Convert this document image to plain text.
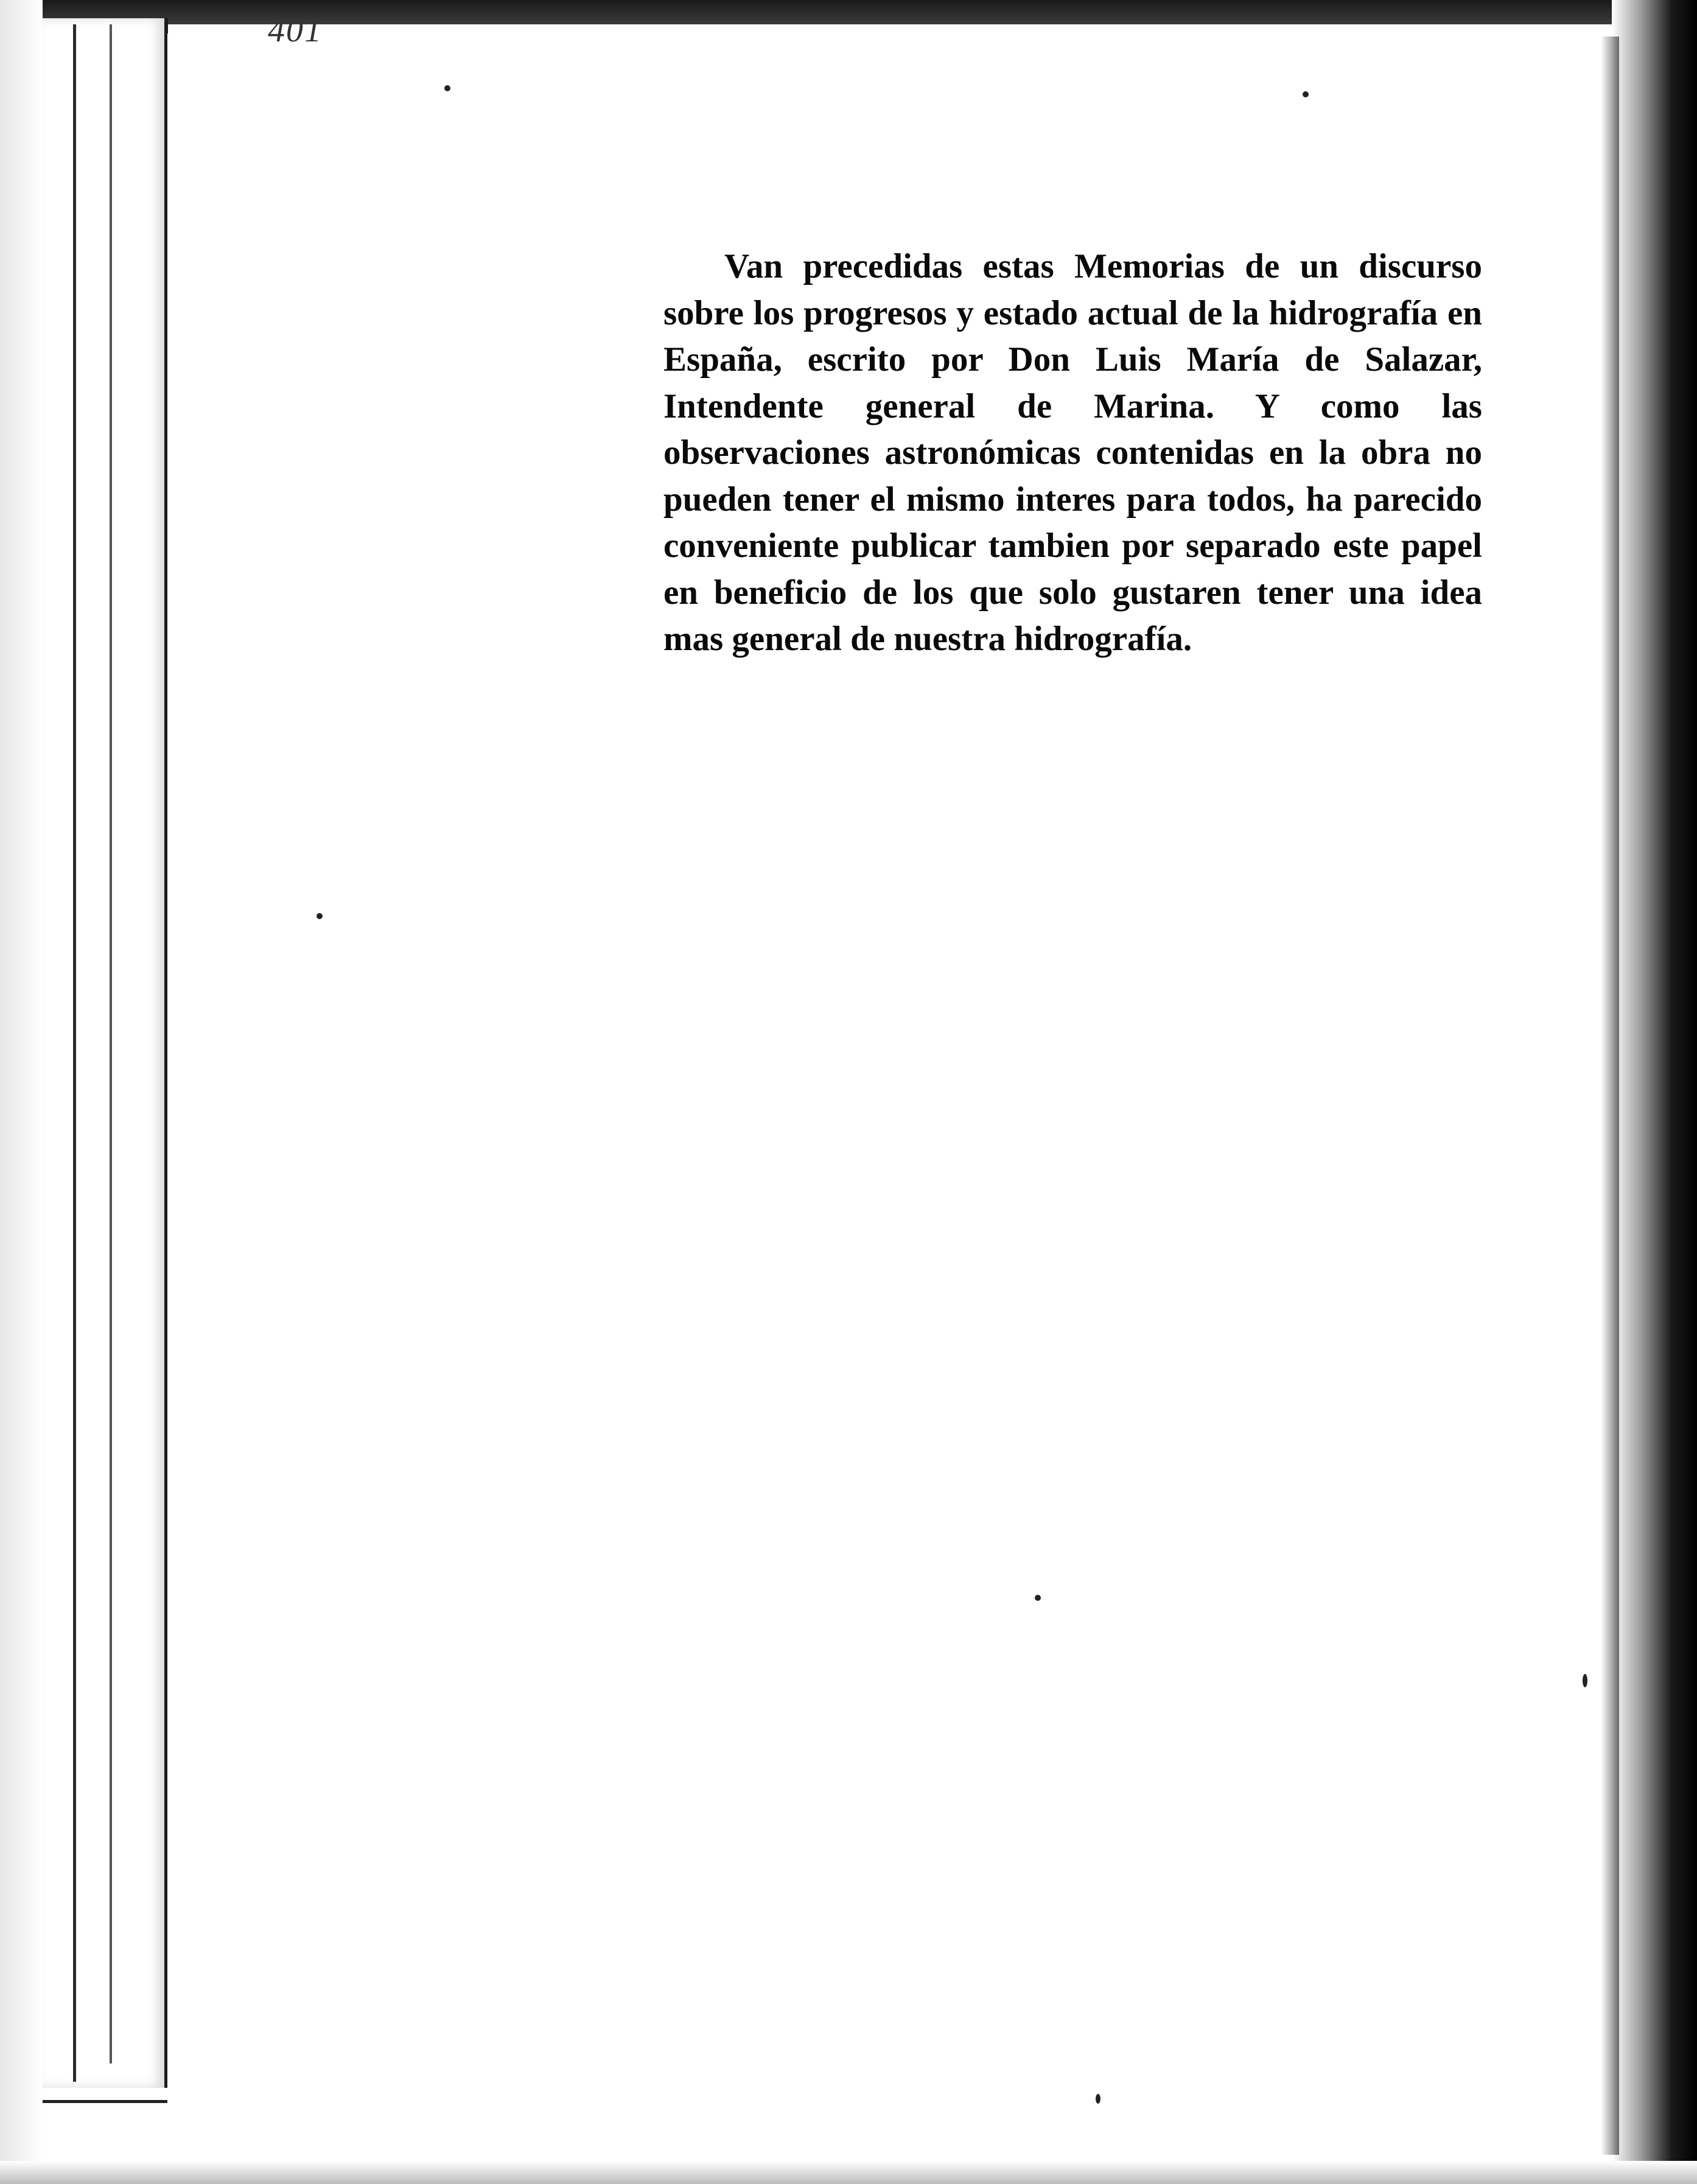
401

Van precedidas estas Memorias de un discurso sobre los progresos y estado actual de la hidrografía en España, escrito por Don Luis María de Salazar, Intendente general de Marina. Y como las observaciones astronómicas contenidas en la obra no pueden tener el mismo interes para todos, ha parecido conveniente publicar tambien por separado este papel en beneficio de los que solo gustaren tener una idea mas general de nuestra hidrografía.
